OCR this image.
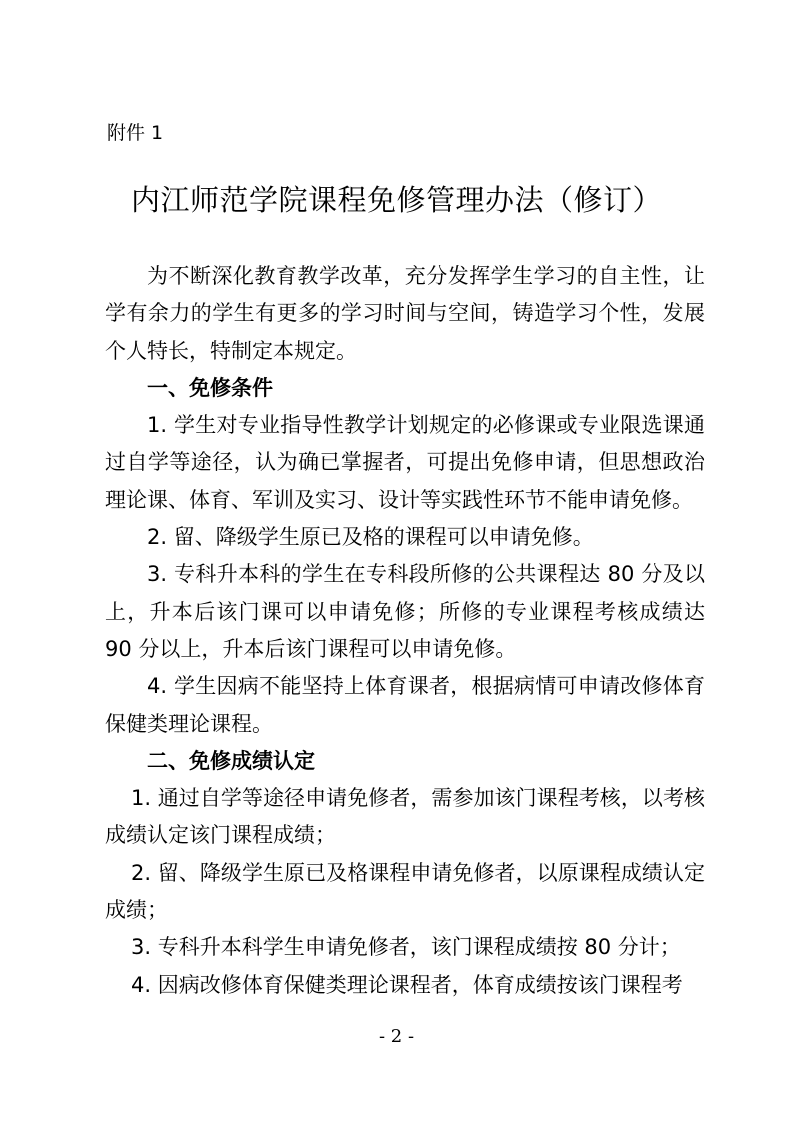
附件 1
内江师范学院课程免修管理办法（修订）

为不断深化教育教学改革，充分发挥学生学习的自主性，让学有余力的学生有更多的学习时间与空间，铸造学习个性，发展个人特长，特制定本规定。

一、免修条件

1. 学生对专业指导性教学计划规定的必修课或专业限选课通过自学等途径，认为确已掌握者，可提出免修申请，但思想政治理论课、体育、军训及实习、设计等实践性环节不能申请免修。

2. 留、降级学生原已及格的课程可以申请免修。

3. 专科升本科的学生在专科段所修的公共课程达 80 分及以上，升本后该门课可以申请免修；所修的专业课程考核成绩达 90 分以上，升本后该门课程可以申请免修。

4. 学生因病不能坚持上体育课者，根据病情可申请改修体育保健类理论课程。

二、免修成绩认定

1. 通过自学等途径申请免修者，需参加该门课程考核，以考核成绩认定该门课程成绩；

2. 留、降级学生原已及格课程申请免修者，以原课程成绩认定成绩；

3. 专科升本科学生申请免修者，该门课程成绩按 80 分计；

4. 因病改修体育保健类理论课程者，体育成绩按该门课程考

- 2 -
